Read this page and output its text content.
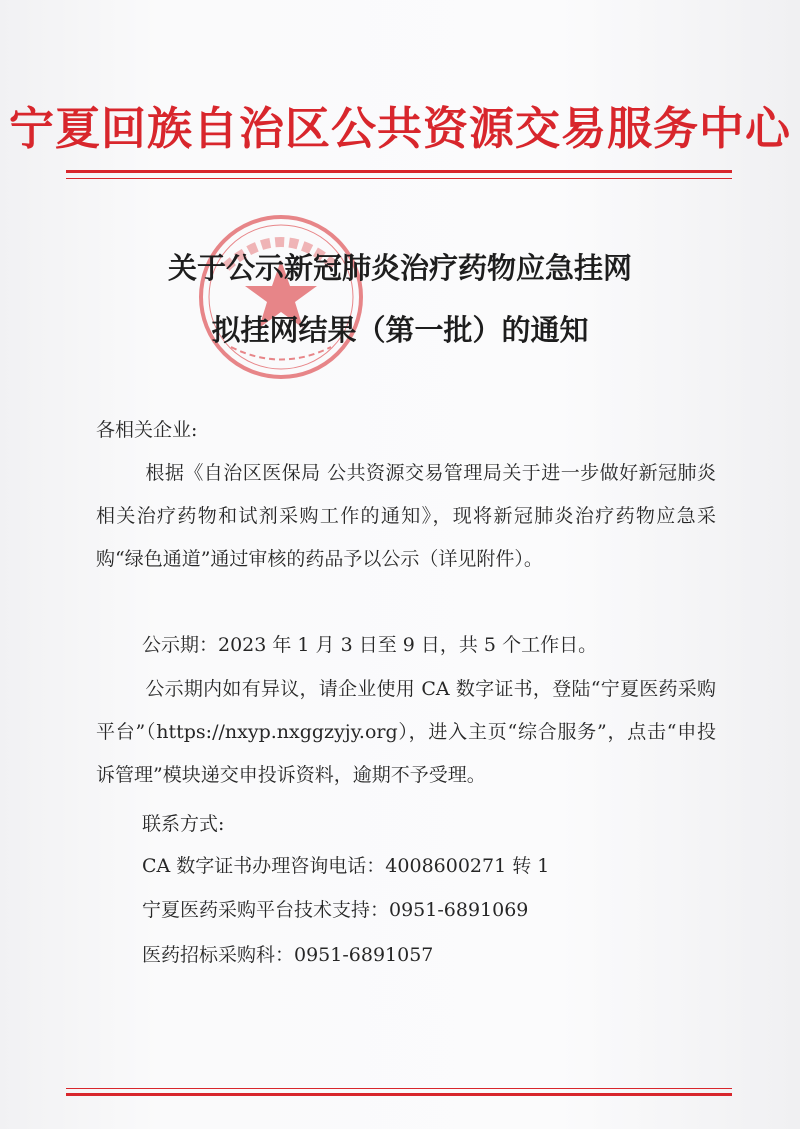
宁夏回族自治区公共资源交易服务中心
关于公示新冠肺炎治疗药物应急挂网
拟挂网结果（第一批）的通知
各相关企业:
根据《自治区医保局 公共资源交易管理局关于进一步做好新冠肺炎相关治疗药物和试剂采购工作的通知》，现将新冠肺炎治疗药物应急采购“绿色通道”通过审核的药品予以公示（详见附件）。
公示期：2023 年 1 月 3 日至 9 日，共 5 个工作日。
公示期内如有异议，请企业使用 CA 数字证书，登陆“宁夏医药采购平台”（https://nxyp.nxggzyjy.org），进入主页“综合服务”，点击“申投诉管理”模块递交申投诉资料，逾期不予受理。
联系方式:
CA 数字证书办理咨询电话：4008600271 转 1
宁夏医药采购平台技术支持：0951-6891069
医药招标采购科：0951-6891057
